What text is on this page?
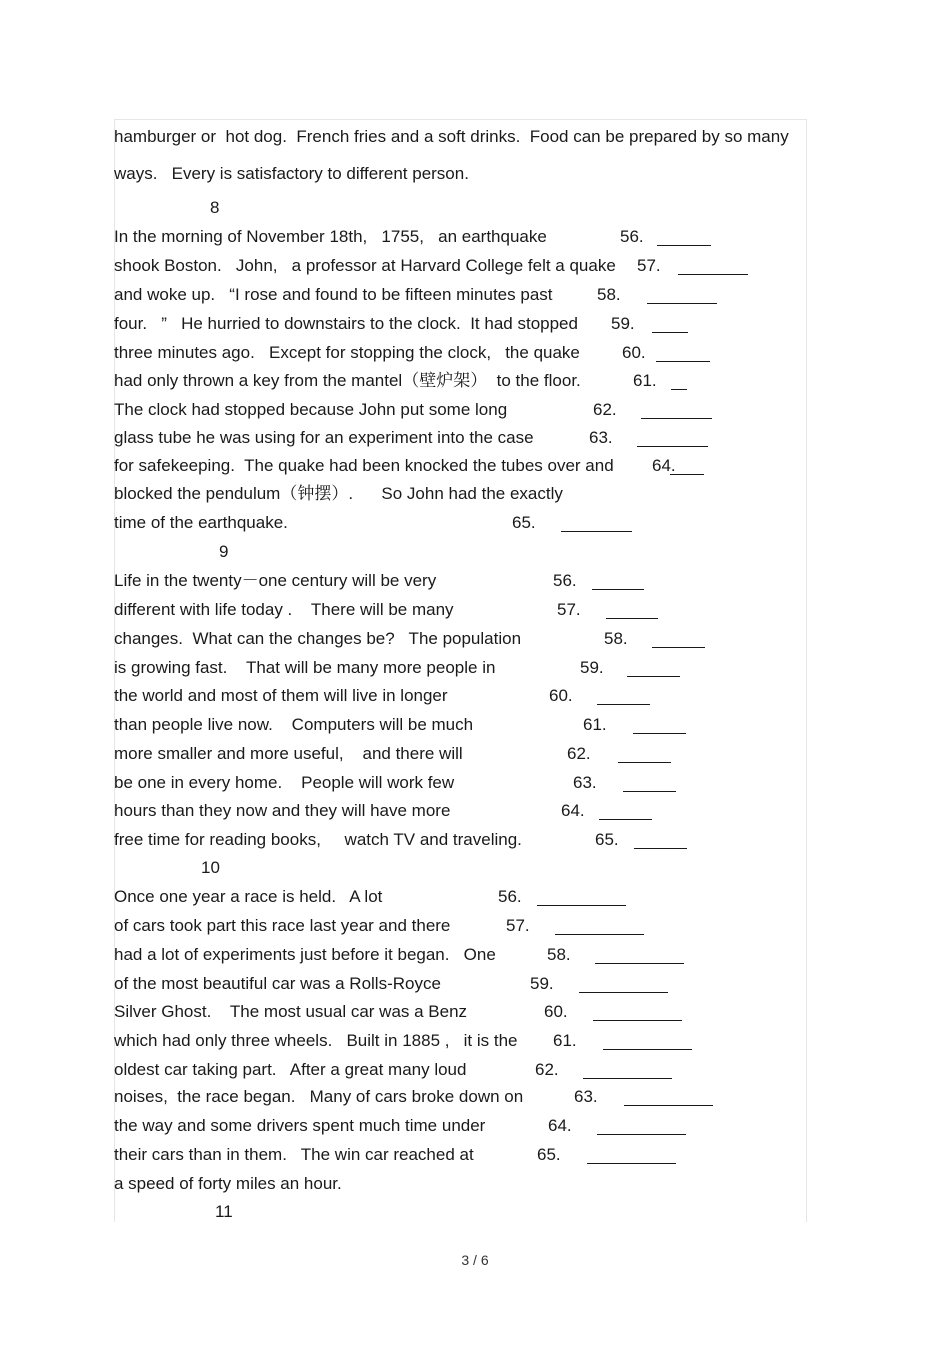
hamburger or  hot dog.  French fries and a soft drinks.  Food can be prepared by so many
ways.   Every is satisfactory to different person.
8
In the morning of November 18th,   1755,   an earthquake	56.
shook Boston.   John,   a professor at Harvard College felt a quake 57.
and woke up.   “I rose and found to be fifteen minutes past	58.
four.   ”   He hurried to downstairs to the clock.  It had stopped 59.
three minutes ago.   Except for stopping the clock,   the quake 60.
had only thrown a key from the mantel（壁炉架）  to the floor.	61.
The clock had stopped because John put some long	62.
glass tube he was using for an experiment into the case	63.
for safekeeping.  The quake had been knocked the tubes over and 64.
blocked the pendulum（钟摆）.      So John had the exactly
time of the earthquake.	65.
9
Life in the twenty－one century will be very	56.
different with life today .    There will be many	57.
changes.  What can the changes be?   The population	58.
is growing fast.    That will be many more people in	59.
the world and most of them will live in longer	60.
than people live now.    Computers will be much	61.
more smaller and more useful,    and there will	62.
be one in every home.    People will work few	63.
hours than they now and they will have more	64.
free time for reading books,     watch TV and traveling.	65.
10
Once one year a race is held.   A lot	56.
of cars took part this race last year and there	57.
had a lot of experiments just before it began.   One	58.
of the most beautiful car was a Rolls-Royce	59.
Silver Ghost.    The most usual car was a Benz	60.
which had only three wheels.   Built in 1885 ,   it is the 61.
oldest car taking part.   After a great many loud	62.
noises,  the race began.   Many of cars broke down on	63.
the way and some drivers spent much time under	64.
their cars than in them.   The win car reached at	65.
a speed of forty miles an hour.
11
3 / 6
